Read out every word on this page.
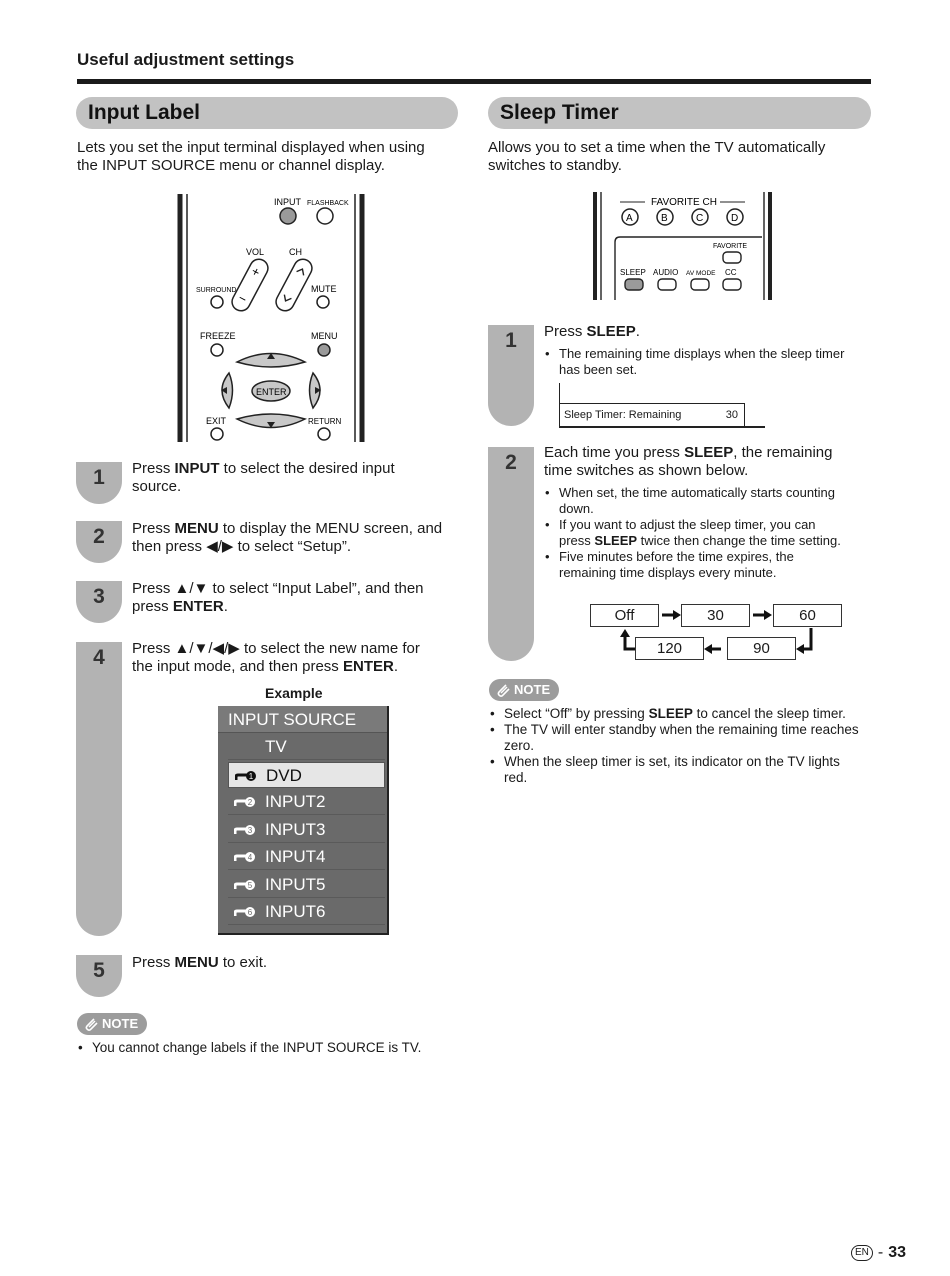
Useful adjustment settings
Input Label
Lets you set the input terminal displayed when using
the INPUT SOURCE menu or channel display.
INPUT FLASHBACK
VOL	CH
+
−
SURROUND	MUTE
FREEZE	MENU
ENTER
EXIT	RETURN
1	Press INPUT to select the desired input
source.
2	Press MENU to display the MENU screen, and
then press ◀/▶ to select “Setup”.
3	Press ▲/▼ to select “Input Label”, and then
press ENTER.
4	Press ▲/▼/◀/▶ to select the new name for
the input mode, and then press ENTER.
Example
INPUT SOURCE
TV
1 DVD
2 INPUT2
3 INPUT3
4 INPUT4
5 INPUT5
6 INPUT6
5	Press MENU to exit.
NOTE
• You cannot change labels if the INPUT SOURCE is TV.
Sleep Timer
Allows you to set a time when the TV automatically
switches to standby.
FAVORITE CH
A	B	C	D
FAVORITE
SLEEP AUDIO AV MODE CC
1	Press SLEEP.
• The remaining time displays when the sleep timer
has been set.
Sleep Timer: Remaining	30
2	Each time you press SLEEP, the remaining
time switches as shown below.
• When set, the time automatically starts counting
down.
• If you want to adjust the sleep timer, you can
press SLEEP twice then change the time setting.
• Five minutes before the time expires, the
remaining time displays every minute.
Off	30	60
90
120
NOTE
• Select “Off” by pressing SLEEP to cancel the sleep timer.
• The TV will enter standby when the remaining time reaches
zero.
• When the sleep timer is set, its indicator on the TV lights
red.
EN - 33
